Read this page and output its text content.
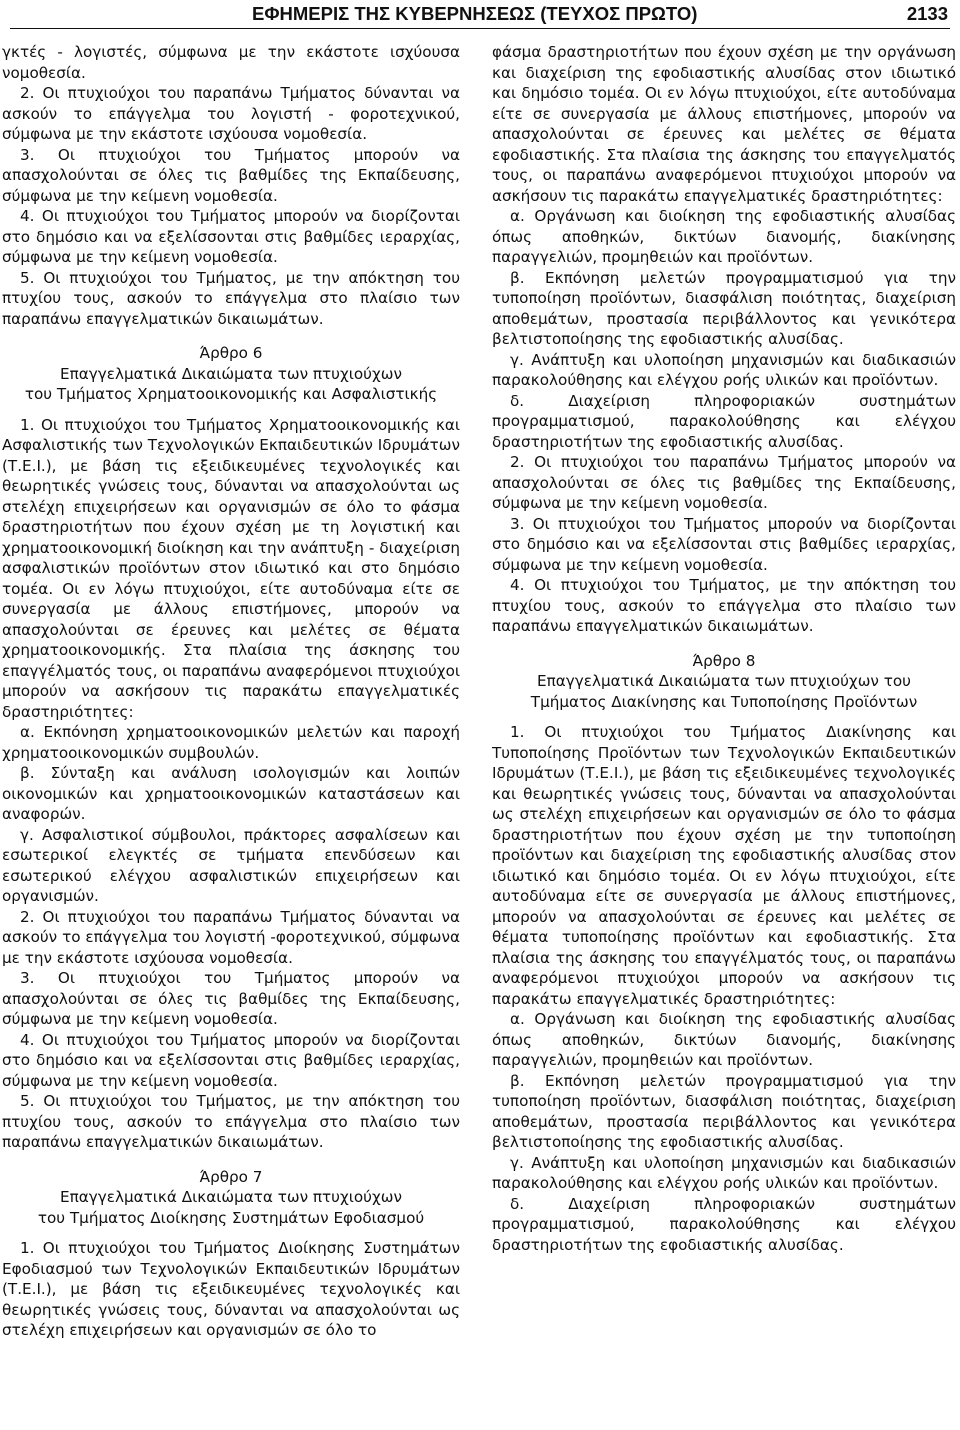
ΕΦΗΜΕΡΙΣ ΤΗΣ ΚΥΒΕΡΝΗΣΕΩΣ (ΤΕΥΧΟΣ ΠΡΩΤΟ)	2133

γκτές - λογιστές, σύμφωνα με την εκάστοτε ισχύουσα νομοθεσία.

2. Οι πτυχιούχοι του παραπάνω Τμήματος δύνανται να ασκούν το επάγγελμα του λογιστή - φοροτεχνικού, σύμφωνα με την εκάστοτε ισχύουσα νομοθεσία.

3. Οι πτυχιούχοι του Τμήματος μπορούν να απασχολούνται σε όλες τις βαθμίδες της Εκπαίδευσης, σύμφωνα με την κείμενη νομοθεσία.

4. Οι πτυχιούχοι του Τμήματος μπορούν να διορίζονται στο δημόσιο και να εξελίσσονται στις βαθμίδες ιεραρχίας, σύμφωνα με την κείμενη νομοθεσία.

5. Οι πτυχιούχοι του Τμήματος, με την απόκτηση του πτυχίου τους, ασκούν το επάγγελμα στο πλαίσιο των παραπάνω επαγγελματικών δικαιωμάτων.

Άρθρο 6

Επαγγελματικά Δικαιώματα των πτυχιούχων

του Τμήματος Χρηματοοικονομικής και Ασφαλιστικής

1. Οι πτυχιούχοι του Τμήματος Χρηματοοικονομικής και Ασφαλιστικής των Τεχνολογικών Εκπαιδευτικών Ιδρυμάτων (Τ.Ε.Ι.), με βάση τις εξειδικευμένες τεχνολογικές και θεωρητικές γνώσεις τους, δύνανται να απασχολούνται ως στελέχη επιχειρήσεων και οργανισμών σε όλο το φάσμα δραστηριοτήτων που έχουν σχέση με τη λογιστική και χρηματοοικονομική διοίκηση και την ανάπτυξη - διαχείριση ασφαλιστικών προϊόντων στον ιδιωτικό και στο δημόσιο τομέα. Οι εν λόγω πτυχιούχοι, είτε αυτοδύναμα είτε σε συνεργασία με άλλους επιστήμονες, μπορούν να απασχολούνται σε έρευνες και μελέτες σε θέματα χρηματοοικονομικής. Στα πλαίσια της άσκησης του επαγγέλματός τους, οι παραπάνω αναφερόμενοι πτυχιούχοι μπορούν να ασκήσουν τις παρακάτω επαγγελματικές δραστηριότητες:

α. Εκπόνηση χρηματοοικονομικών μελετών και παροχή χρηματοοικονομικών συμβουλών.

β. Σύνταξη και ανάλυση ισολογισμών και λοιπών οικονομικών και χρηματοοικονομικών καταστάσεων και αναφορών.

γ. Ασφαλιστικοί σύμβουλοι, πράκτορες ασφαλίσεων και εσωτερικοί ελεγκτές σε τμήματα επενδύσεων και εσωτερικού ελέγχου ασφαλιστικών επιχειρήσεων και οργανισμών.

2. Οι πτυχιούχοι του παραπάνω Τμήματος δύνανται να ασκούν το επάγγελμα του λογιστή -φοροτεχνικού, σύμφωνα με την εκάστοτε ισχύουσα νομοθεσία.

3. Οι πτυχιούχοι του Τμήματος μπορούν να απασχολούνται σε όλες τις βαθμίδες της Εκπαίδευσης, σύμφωνα με την κείμενη νομοθεσία.

4. Οι πτυχιούχοι του Τμήματος μπορούν να διορίζονται στο δημόσιο και να εξελίσσονται στις βαθμίδες ιεραρχίας, σύμφωνα με την κείμενη νομοθεσία.

5. Οι πτυχιούχοι του Τμήματος, με την απόκτηση του πτυχίου τους, ασκούν το επάγγελμα στο πλαίσιο των παραπάνω επαγγελματικών δικαιωμάτων.

Άρθρο 7

Επαγγελματικά Δικαιώματα των πτυχιούχων

του Τμήματος Διοίκησης Συστημάτων Εφοδιασμού

1. Οι πτυχιούχοι του Τμήματος Διοίκησης Συστημάτων Εφοδιασμού των Τεχνολογικών Εκπαιδευτικών Ιδρυμάτων (Τ.Ε.Ι.), με βάση τις εξειδικευμένες τεχνολογικές και θεωρητικές γνώσεις τους, δύνανται να απασχολούνται ως στελέχη επιχειρήσεων και οργανισμών σε όλο το

φάσμα δραστηριοτήτων που έχουν σχέση με την οργάνωση και διαχείριση της εφοδιαστικής αλυσίδας στον ιδιωτικό και δημόσιο τομέα. Οι εν λόγω πτυχιούχοι, είτε αυτοδύναμα είτε σε συνεργασία με άλλους επιστήμονες, μπορούν να απασχολούνται σε έρευνες και μελέτες σε θέματα εφοδιαστικής. Στα πλαίσια της άσκησης του επαγγελματός τους, οι παραπάνω αναφερόμενοι πτυχιούχοι μπορούν να ασκήσουν τις παρακάτω επαγγελματικές δραστηριότητες:

α. Οργάνωση και διοίκηση της εφοδιαστικής αλυσίδας όπως αποθηκών, δικτύων διανομής, διακίνησης παραγγελιών, προμηθειών και προϊόντων.

β. Εκπόνηση μελετών προγραμματισμού για την τυποποίηση προϊόντων, διασφάλιση ποιότητας, διαχείριση αποθεμάτων, προστασία περιβάλλοντος και γενικότερα βελτιστοποίησης της εφοδιαστικής αλυσίδας.

γ. Ανάπτυξη και υλοποίηση μηχανισμών και διαδικασιών παρακολούθησης και ελέγχου ροής υλικών και προϊόντων.

δ. Διαχείριση πληροφοριακών συστημάτων προγραμματισμού, παρακολούθησης και ελέγχου δραστηριοτήτων της εφοδιαστικής αλυσίδας.

2. Οι πτυχιούχοι του παραπάνω Τμήματος μπορούν να απασχολούνται σε όλες τις βαθμίδες της Εκπαίδευσης, σύμφωνα με την κείμενη νομοθεσία.

3. Οι πτυχιούχοι του Τμήματος μπορούν να διορίζονται στο δημόσιο και να εξελίσσονται στις βαθμίδες ιεραρχίας, σύμφωνα με την κείμενη νομοθεσία.

4. Οι πτυχιούχοι του Τμήματος, με την απόκτηση του πτυχίου τους, ασκούν το επάγγελμα στο πλαίσιο των παραπάνω επαγγελματικών δικαιωμάτων.

Άρθρο 8

Επαγγελματικά Δικαιώματα των πτυχιούχων του

Τμήματος Διακίνησης και Τυποποίησης Προϊόντων

1. Οι πτυχιούχοι του Τμήματος Διακίνησης και Τυποποίησης Προϊόντων των Τεχνολογικών Εκπαιδευτικών Ιδρυμάτων (Τ.Ε.Ι.), με βάση τις εξειδικευμένες τεχνολογικές και θεωρητικές γνώσεις τους, δύνανται να απασχολούνται ως στελέχη επιχειρήσεων και οργανισμών σε όλο το φάσμα δραστηριοτήτων που έχουν σχέση με την τυποποίηση προϊόντων και διαχείριση της εφοδιαστικής αλυσίδας στον ιδιωτικό και δημόσιο τομέα. Οι εν λόγω πτυχιούχοι, είτε αυτοδύναμα είτε σε συνεργασία με άλλους επιστήμονες, μπορούν να απασχολούνται σε έρευνες και μελέτες σε θέματα τυποποίησης προϊόντων και εφοδιαστικής. Στα πλαίσια της άσκησης του επαγγέλματός τους, οι παραπάνω αναφερόμενοι πτυχιούχοι μπορούν να ασκήσουν τις παρακάτω επαγγελματικές δραστηριότητες:

α. Οργάνωση και διοίκηση της εφοδιαστικής αλυσίδας όπως αποθηκών, δικτύων διανομής, διακίνησης παραγγελιών, προμηθειών και προϊόντων.

β. Εκπόνηση μελετών προγραμματισμού για την τυποποίηση προϊόντων, διασφάλιση ποιότητας, διαχείριση αποθεμάτων, προστασία περιβάλλοντος και γενικότερα βελτιστοποίησης της εφοδιαστικής αλυσίδας.

γ. Ανάπτυξη και υλοποίηση μηχανισμών και διαδικασιών παρακολούθησης και ελέγχου ροής υλικών και προϊόντων.

δ. Διαχείριση πληροφοριακών συστημάτων προγραμματισμού, παρακολούθησης και ελέγχου δραστηριοτήτων της εφοδιαστικής αλυσίδας.
